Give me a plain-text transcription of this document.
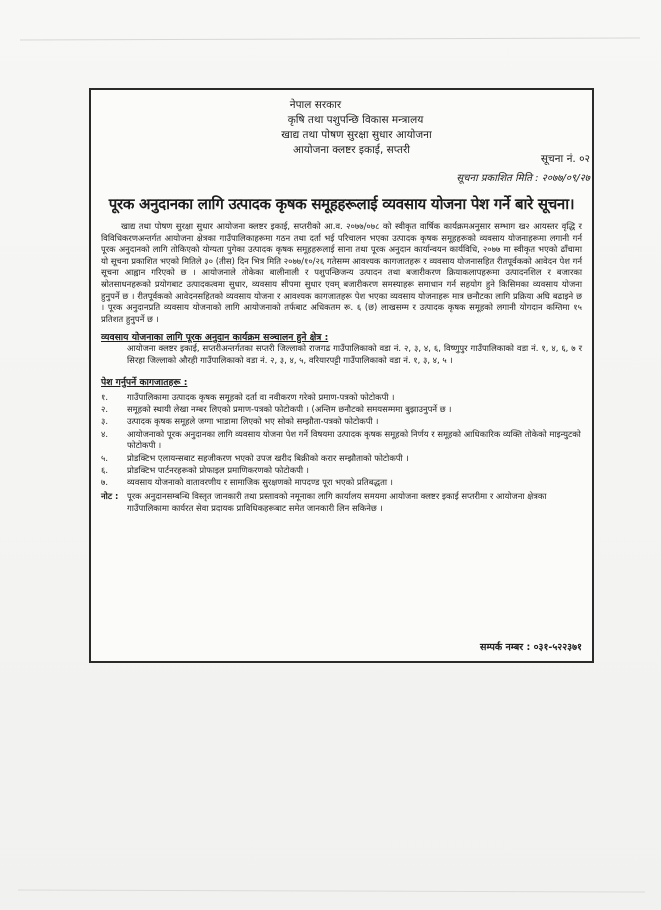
नेपाल सरकार
कृषि तथा पशुपन्छि विकास मन्त्रालय
खाद्य तथा पोषण सुरक्षा सुधार आयोजना
आयोजना क्लष्टर इकाई, सप्तरी
सूचना नं. ०२
सूचना प्रकाशित मिति : २०७७/०९/२७
पूरक अनुदानका लागि उत्पादक कृषक समूहहरूलाई व्यवसाय योजना पेश गर्ने बारे सूचना।
खाद्य तथा पोषण सुरक्षा सुधार आयोजना क्लष्टर इकाई, सप्तरीको आ.व. २०७७/०७८ को स्वीकृत वार्षिक कार्यक्रमअनुसार सम्भाग ख२ आयस्तर वृद्धि र विविधिकरणअन्तर्गत आयोजना क्षेत्रका गाउँपालिकाहरूमा गठन तथा दर्ता भई परिचालन भएका उत्पादक कृषक समूहहरूको व्यवसाय योजनाहरूमा लगानी गर्न पूरक अनुदानको लागि तोकिएको योग्यता पुगेका उत्पादक कृषक समूहहरूलाई साना तथा पूरक अनुदान कार्यान्वयन कार्यविधि, २०७७ मा स्वीकृत भएको ढाँचामा यो सूचना प्रकाशित भएको मितिले ३० (तीस) दिन भित्र मिति २०७७/१०/२६ गतेसम्म आवश्यक कागजातहरू र व्यवसाय योजनासहित रीतपूर्वकको आवेदन पेश गर्न सूचना आह्वान गरिएको छ । आयोजनाले तोकेका बालीनाली र पशुपन्छिजन्य उत्पादन तथा बजारीकरण क्रियाकलापहरूमा उत्पादनशिल र बजारका स्रोतसाधनहरूको प्रयोगबाट उत्पादकत्वमा सुधार, व्यवसाय सीपमा सुधार एवम् बजारीकरण समस्याहरू समाधान गर्न सहयोग हुने किसिमका व्यवसाय योजना हुनुपर्ने छ । रीतपूर्वकको आवेदनसहितको व्यवसाय योजना र आवश्यक कागजातहरू पेश भएका व्यवसाय योजनाहरू मात्र छनौटका लागि प्रक्रिया अघि बढाइने छ । पूरक अनुदानप्रति व्यवसाय योजनाको लागि आयोजनाको तर्फबाट अधिकतम रू. ६ (छ) लाखसम्म र उत्पादक कृषक समूहको लगानी योगदान कम्तिमा १५ प्रतिशत हुनुपर्ने छ ।
व्यवसाय योजनाका लागि पूरक अनुदान कार्यक्रम सञ्चालन हुने क्षेत्र :
आयोजना क्लष्टर इकाई, सप्तरीअन्तर्गतका सप्तरी जिल्लाको राजगढ गाउँपालिकाको वडा नं. २, ३, ४, ६, विष्णुपुर गाउँपालिकाको वडा नं. १, ४, ६, ७ र सिरहा जिल्लाको औरही गाउँपालिकाको वडा नं. २, ३, ४, ५, वरियारपट्टी गाउँपालिकाको वडा नं. १, ३, ४, ५ ।
पेश गर्नुपर्ने कागजातहरू :
१.	गाउँपालिकामा उत्पादक कृषक समूहको दर्ता वा नवीकरण गरेको प्रमाण-पत्रको फोटोकपी ।
२.	समूहको स्थायी लेखा नम्बर लिएको प्रमाण-पत्रको फोटोकपी । (अन्तिम छनौटको समयसम्ममा बुझाउनुपर्ने छ ।
३.	उत्पादक कृषक समूहले जग्गा भाडामा लिएको भए सोको सम्झौता-पत्रको फोटोकपी ।
४.	आयोजनाको पूरक अनुदानका लागि व्यवसाय योजना पेश गर्ने विषयमा उत्पादक कृषक समूहको निर्णय र समूहको आधिकारिक व्यक्ति तोकेको माइन्युटको फोटोकपी ।
५.	प्रोडक्टिभ एलायन्सबाट सहजीकरण भएको उपज खरीद बिक्रीको करार सम्झौताको फोटोकपी ।
६.	प्रोडक्टिभ पार्टनरहरूको प्रोफाइल प्रमाणिकरणको फोटोकपी ।
७.	व्यवसाय योजनाको वातावरणीय र सामाजिक सुरक्षणको मापदण्ड पूरा भएको प्रतिबद्धता ।
नोट :	पूरक अनुदानसम्बन्धि विस्तृत जानकारी तथा प्रस्तावको नमूनाका लागि कार्यालय समयमा आयोजना क्लष्टर इकाई सप्तरीमा र आयोजना क्षेत्रका गाउँपालिकामा कार्यरत सेवा प्रदायक प्राविधिकहरूबाट समेत जानकारी लिन सकिनेछ ।
सम्पर्क नम्बर : ०३१-५२२३७१
